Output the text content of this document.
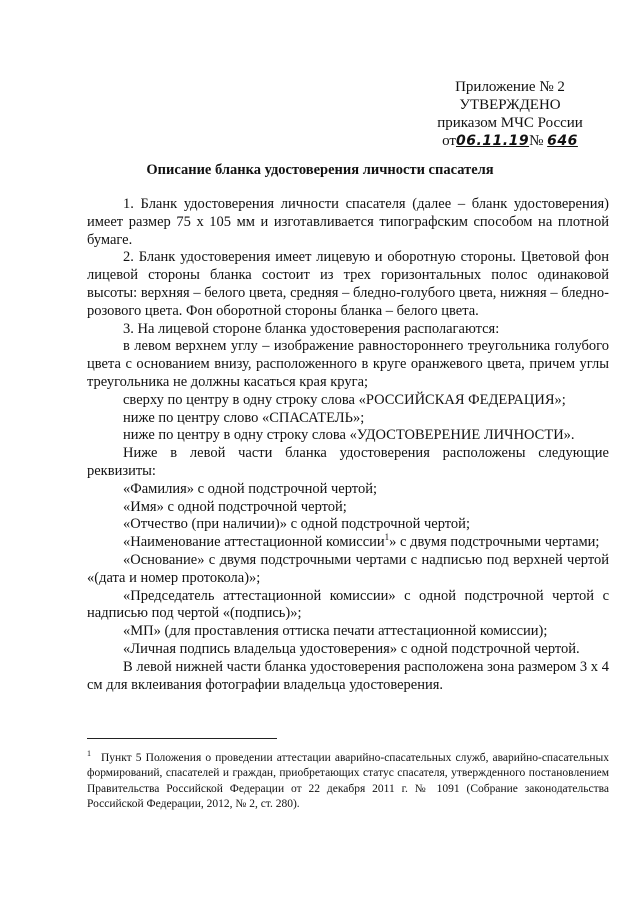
Приложение № 2
УТВЕРЖДЕНО
приказом МЧС России
от06.11.19№ 646
Описание бланка удостоверения личности спасателя

1. Бланк удостоверения личности спасателя (далее – бланк удостоверения) имеет размер 75 х 105 мм и изготавливается типографским способом на плотной бумаге.

2. Бланк удостоверения имеет лицевую и оборотную стороны. Цветовой фон лицевой стороны бланка состоит из трех горизонтальных полос одинаковой высоты: верхняя – белого цвета, средняя – бледно-голубого цвета, нижняя – бледно-розового цвета. Фон оборотной стороны бланка – белого цвета.

3. На лицевой стороне бланка удостоверения располагаются:

в левом верхнем углу – изображение равностороннего треугольника голубого цвета с основанием внизу, расположенного в круге оранжевого цвета, причем углы треугольника не должны касаться края круга;

сверху по центру в одну строку слова «РОССИЙСКАЯ ФЕДЕРАЦИЯ»;

ниже по центру слово «СПАСАТЕЛЬ»;

ниже по центру в одну строку слова «УДОСТОВЕРЕНИЕ ЛИЧНОСТИ».

Ниже в левой части бланка удостоверения расположены следующие реквизиты:

«Фамилия» с одной подстрочной чертой;

«Имя» с одной подстрочной чертой;

«Отчество (при наличии)» с одной подстрочной чертой;

«Наименование аттестационной комиссии$^1$» с двумя подстрочными чертами;

«Основание» с двумя подстрочными чертами с надписью под верхней чертой «(дата и номер протокола)»;

«Председатель аттестационной комиссии» с одной подстрочной чертой с надписью под чертой «(подпись)»;

«МП» (для проставления оттиска печати аттестационной комиссии);

«Личная подпись владельца удостоверения» с одной подстрочной чертой.

В левой нижней части бланка удостоверения расположена зона размером 3 х 4 см для вклеивания фотографии владельца удостоверения.

$^1$ Пункт 5 Положения о проведении аттестации аварийно-спасательных служб, аварийно-спасательных формирований, спасателей и граждан, приобретающих статус спасателя, утвержденного постановлением Правительства Российской Федерации от 22 декабря 2011 г. № 1091 (Собрание законодательства Российской Федерации, 2012, № 2, ст. 280).
